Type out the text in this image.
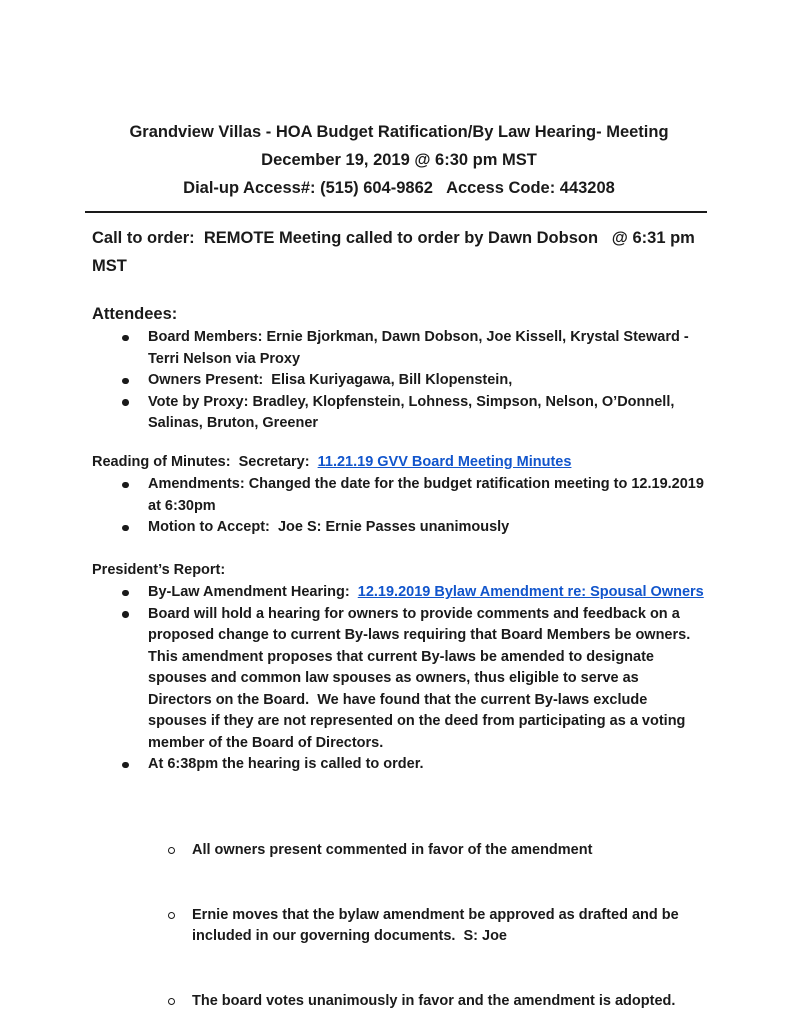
Grandview Villas - HOA Budget Ratification/By Law Hearing- Meeting
December 19, 2019 @ 6:30 pm MST
Dial-up Access#: (515) 604-9862   Access Code: 443208

Call to order:  REMOTE Meeting called to order by Dawn Dobson   @ 6:31 pm MST

Attendees:

Board Members: Ernie Bjorkman, Dawn Dobson, Joe Kissell, Krystal Steward - Terri Nelson via Proxy
Owners Present:  Elisa Kuriyagawa, Bill Klopenstein,
Vote by Proxy: Bradley, Klopfenstein, Lohness, Simpson, Nelson, O’Donnell, Salinas, Bruton, Greener

Reading of Minutes:  Secretary:  11.21.19 GVV Board Meeting Minutes

Amendments: Changed the date for the budget ratification meeting to 12.19.2019 at 6:30pm
Motion to Accept:  Joe S: Ernie Passes unanimously

President’s Report:

By-Law Amendment Hearing:  12.19.2019 Bylaw Amendment re: Spousal Owners
Board will hold a hearing for owners to provide comments and feedback on a proposed change to current By-laws requiring that Board Members be owners.  This amendment proposes that current By-laws be amended to designate spouses and common law spouses as owners, thus eligible to serve as Directors on the Board.  We have found that the current By-laws exclude spouses if they are not represented on the deed from participating as a voting member of the Board of Directors.
At 6:38pm the hearing is called to order.

All owners present commented in favor of the amendment

Ernie moves that the bylaw amendment be approved as drafted and be included in our governing documents.  S: Joe

The board votes unanimously in favor and the amendment is adopted.
